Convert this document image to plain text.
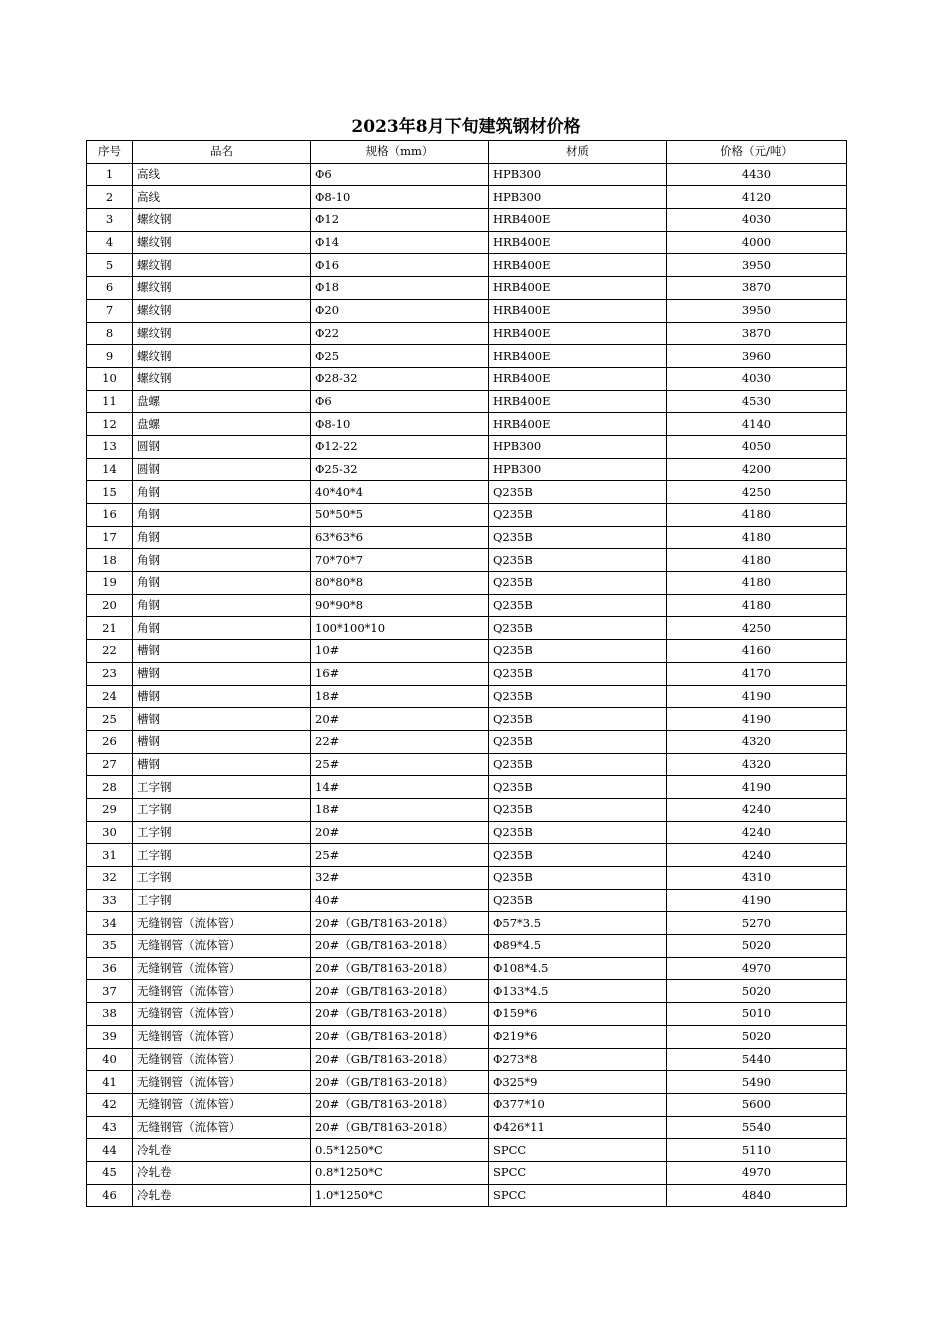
2023年8月下旬建筑钢材价格
序号	品名	规格（mm）	材质	价格（元/吨）
1	高线	Φ6	HPB300	4430
2	高线	Φ8-10	HPB300	4120
3	螺纹钢	Φ12	HRB400E	4030
4	螺纹钢	Φ14	HRB400E	4000
5	螺纹钢	Φ16	HRB400E	3950
6	螺纹钢	Φ18	HRB400E	3870
7	螺纹钢	Φ20	HRB400E	3950
8	螺纹钢	Φ22	HRB400E	3870
9	螺纹钢	Φ25	HRB400E	3960
10	螺纹钢	Φ28-32	HRB400E	4030
11	盘螺	Φ6	HRB400E	4530
12	盘螺	Φ8-10	HRB400E	4140
13	圆钢	Φ12-22	HPB300	4050
14	圆钢	Φ25-32	HPB300	4200
15	角钢	40*40*4	Q235B	4250
16	角钢	50*50*5	Q235B	4180
17	角钢	63*63*6	Q235B	4180
18	角钢	70*70*7	Q235B	4180
19	角钢	80*80*8	Q235B	4180
20	角钢	90*90*8	Q235B	4180
21	角钢	100*100*10	Q235B	4250
22	槽钢	10#	Q235B	4160
23	槽钢	16#	Q235B	4170
24	槽钢	18#	Q235B	4190
25	槽钢	20#	Q235B	4190
26	槽钢	22#	Q235B	4320
27	槽钢	25#	Q235B	4320
28	工字钢	14#	Q235B	4190
29	工字钢	18#	Q235B	4240
30	工字钢	20#	Q235B	4240
31	工字钢	25#	Q235B	4240
32	工字钢	32#	Q235B	4310
33	工字钢	40#	Q235B	4190
34	无缝钢管（流体管）	20#（GB/T8163-2018）	Φ57*3.5	5270
35	无缝钢管（流体管）	20#（GB/T8163-2018）	Φ89*4.5	5020
36	无缝钢管（流体管）	20#（GB/T8163-2018）	Φ108*4.5	4970
37	无缝钢管（流体管）	20#（GB/T8163-2018）	Φ133*4.5	5020
38	无缝钢管（流体管）	20#（GB/T8163-2018）	Φ159*6	5010
39	无缝钢管（流体管）	20#（GB/T8163-2018）	Φ219*6	5020
40	无缝钢管（流体管）	20#（GB/T8163-2018）	Φ273*8	5440
41	无缝钢管（流体管）	20#（GB/T8163-2018）	Φ325*9	5490
42	无缝钢管（流体管）	20#（GB/T8163-2018）	Φ377*10	5600
43	无缝钢管（流体管）	20#（GB/T8163-2018）	Φ426*11	5540
44	冷轧卷	0.5*1250*C	SPCC	5110
45	冷轧卷	0.8*1250*C	SPCC	4970
46	冷轧卷	1.0*1250*C	SPCC	4840
